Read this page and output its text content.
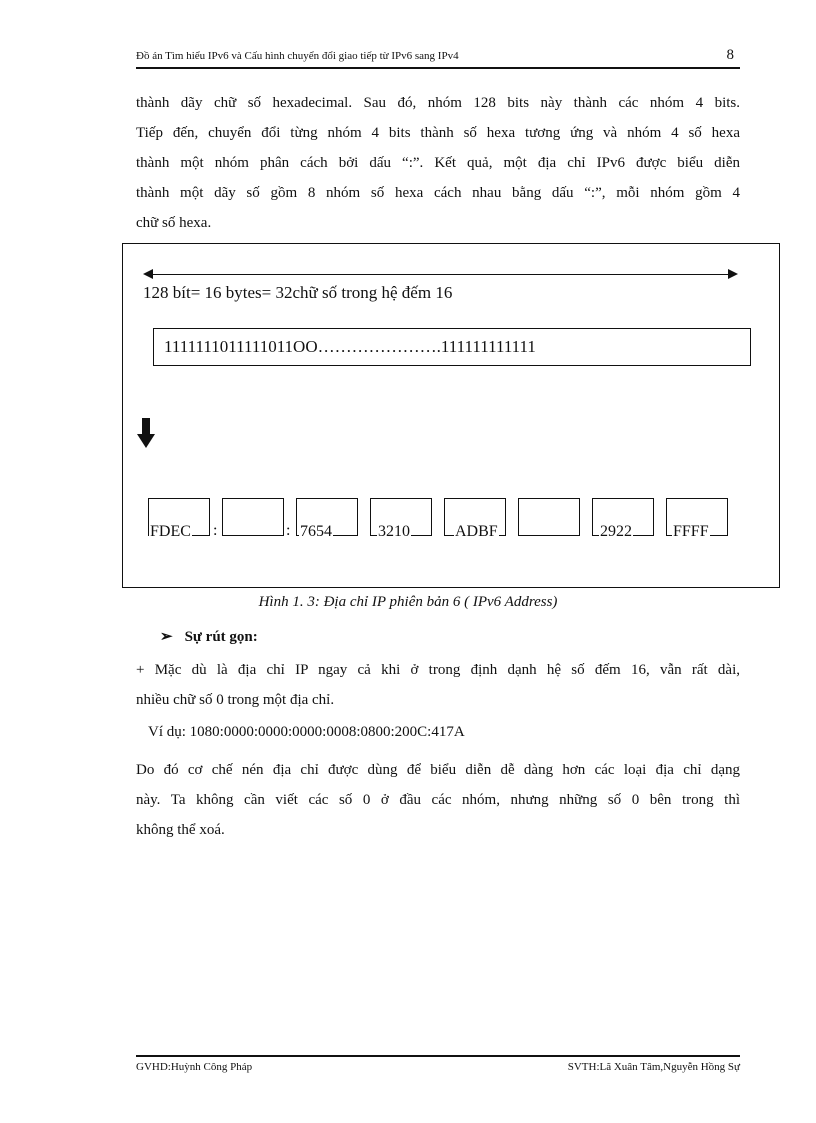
Đồ án Tìm hiểu IPv6 và Cấu hình chuyển đổi giao tiếp từ IPv6 sang IPv4	8

thành dãy chữ số hexadecimal. Sau đó, nhóm 128 bits này thành các nhóm 4 bits.
Tiếp đến, chuyển đổi từng nhóm 4 bits thành số hexa tương ứng và nhóm 4 số hexa
thành một nhóm phân cách bởi dấu “:”. Kết quả, một địa chỉ IPv6 được biểu diễn
thành một dãy số gồm 8 nhóm số hexa cách nhau bằng dấu “:”, mỗi nhóm gồm 4
chữ số hexa.

128 bít= 16 bytes= 32chữ số trong hệ đếm 16
1111111011111011OO………………….111111111111
FDEC :	: 7654	3210	ADBF	2922	FFFF
Hình 1. 3: Địa chỉ IP phiên bản 6 ( IPv6 Address)
➢ Sự rút gọn:

+ Mặc dù là địa chỉ IP ngay cả khi ở trong định dạnh hệ số đếm 16, vẫn rất dài,
nhiều chữ số 0 trong một địa chỉ.

Ví dụ: 1080:0000:0000:0000:0008:0800:200C:417A

Do đó cơ chế nén địa chỉ được dùng để biểu diễn dễ dàng hơn các loại địa chỉ dạng
này. Ta không cần viết các số 0 ở đầu các nhóm, nhưng những số 0 bên trong thì
không thể xoá.

GVHD:Huỳnh Công Pháp	SVTH:Lã Xuân Tâm,Nguyễn Hồng Sự
